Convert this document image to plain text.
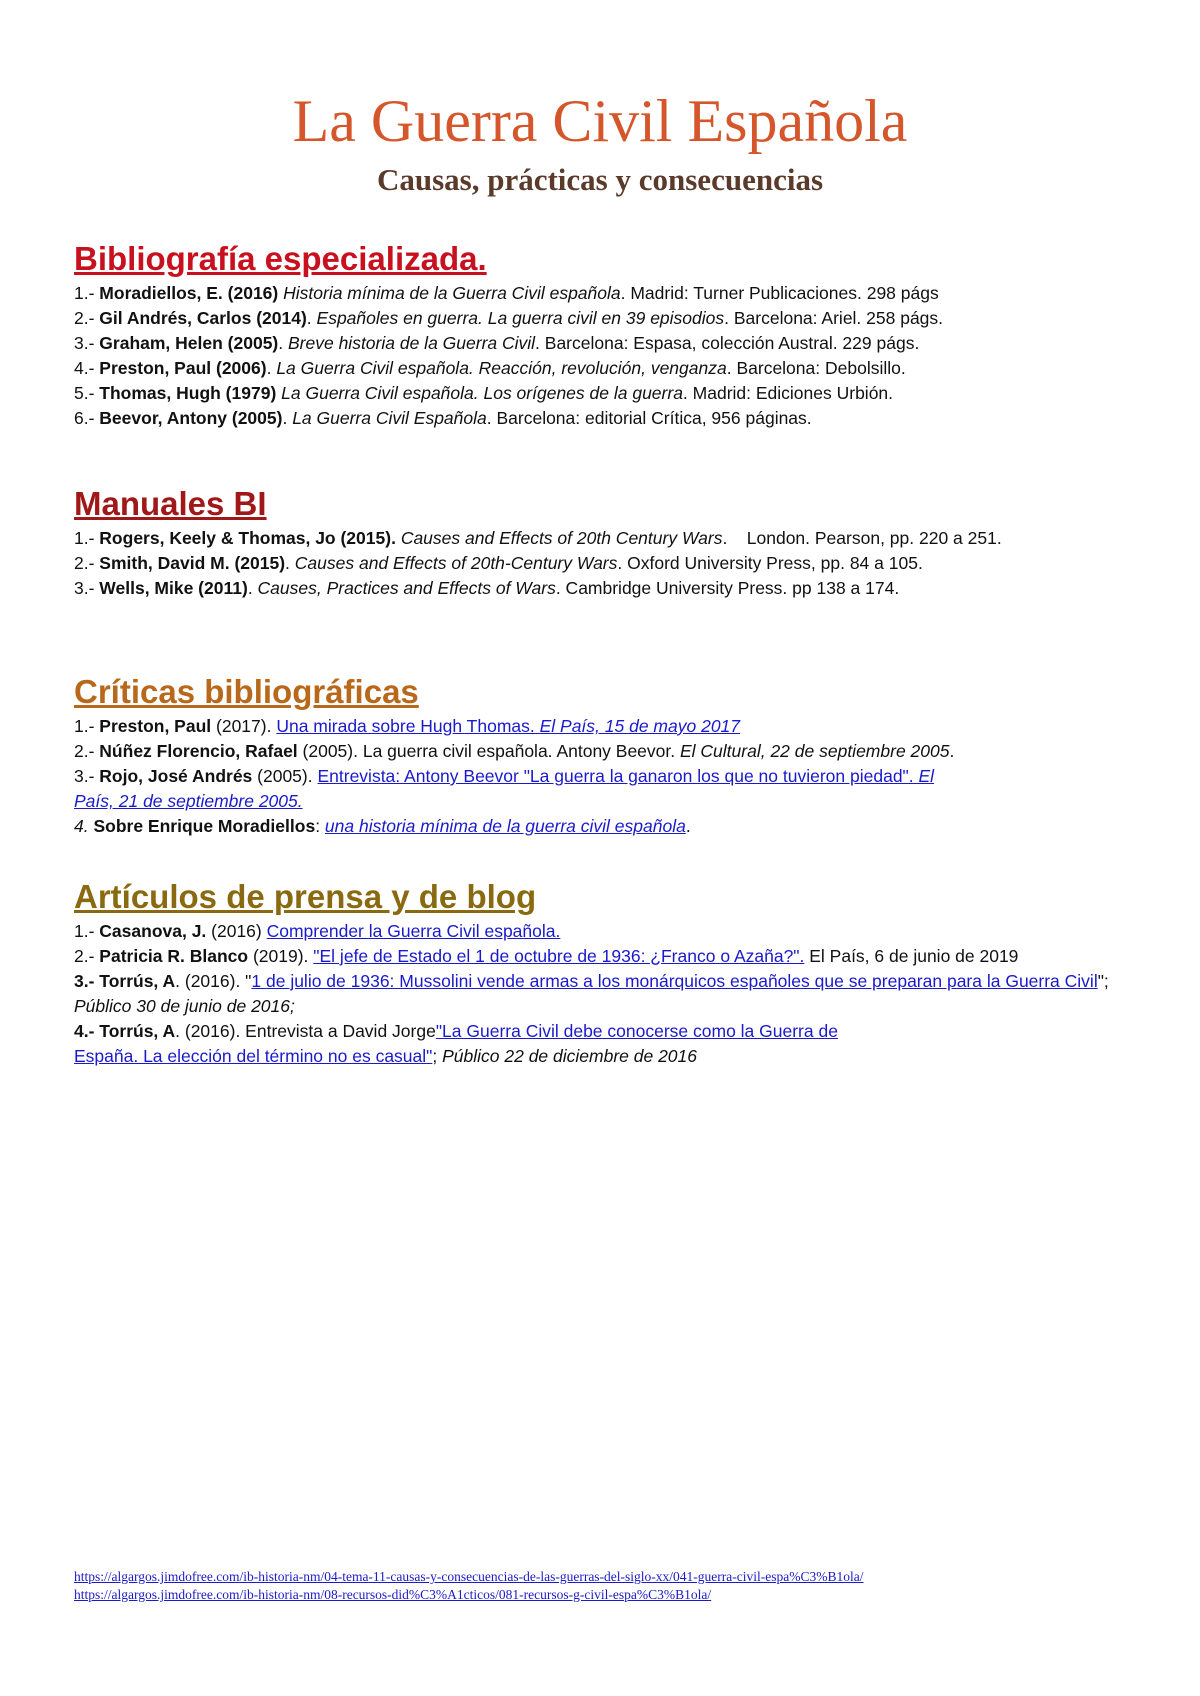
La Guerra Civil Española
Causas, prácticas y consecuencias
Bibliografía especializada.

1.- Moradiellos, E. (2016) Historia mínima de la Guerra Civil española. Madrid: Turner Publicaciones. 298 págs

2.- Gil Andrés, Carlos (2014). Españoles en guerra. La guerra civil en 39 episodios. Barcelona: Ariel. 258 págs.

3.- Graham, Helen (2005). Breve historia de la Guerra Civil. Barcelona: Espasa, colección Austral. 229 págs.

4.- Preston, Paul (2006). La Guerra Civil española. Reacción, revolución, venganza. Barcelona: Debolsillo.

5.- Thomas, Hugh (1979) La Guerra Civil española. Los orígenes de la guerra. Madrid: Ediciones Urbión.

6.- Beevor, Antony (2005). La Guerra Civil Española. Barcelona: editorial Crítica, 956 páginas.

Manuales BI

1.- Rogers, Keely & Thomas, Jo (2015). Causes and Effects of 20th Century Wars.    London. Pearson, pp. 220 a 251.

2.- Smith, David M. (2015). Causes and Effects of 20th-Century Wars. Oxford University Press, pp. 84 a 105.

3.- Wells, Mike (2011). Causes, Practices and Effects of Wars. Cambridge University Press. pp 138 a 174.

Críticas bibliográficas

1.- Preston, Paul (2017). Una mirada sobre Hugh Thomas. El País, 15 de mayo 2017

2.- Núñez Florencio, Rafael (2005). La guerra civil española. Antony Beevor. El Cultural, 22 de septiembre 2005.

3.- Rojo, José Andrés (2005). Entrevista: Antony Beevor "La guerra la ganaron los que no tuvieron piedad". El País, 21 de septiembre 2005.

4. Sobre Enrique Moradiellos: una historia mínima de la guerra civil española.

Artículos de prensa y de blog

1.- Casanova, J. (2016) Comprender la Guerra Civil española.

2.- Patricia R. Blanco (2019). "El jefe de Estado el 1 de octubre de 1936: ¿Franco o Azaña?". El País, 6 de junio de 2019

3.- Torrús, A. (2016). "1 de julio de 1936: Mussolini vende armas a los monárquicos españoles que se preparan para la Guerra Civil"; Público 30 de junio de 2016;

4.- Torrús, A. (2016). Entrevista a David Jorge"La Guerra Civil debe conocerse como la Guerra de España. La elección del término no es casual"; Público 22 de diciembre de 2016

https://algargos.jimdofree.com/ib-historia-nm/04-tema-11-causas-y-consecuencias-de-las-guerras-del-siglo-xx/041-guerra-civil-espa%C3%B1ola/
https://algargos.jimdofree.com/ib-historia-nm/08-recursos-did%C3%A1cticos/081-recursos-g-civil-espa%C3%B1ola/
